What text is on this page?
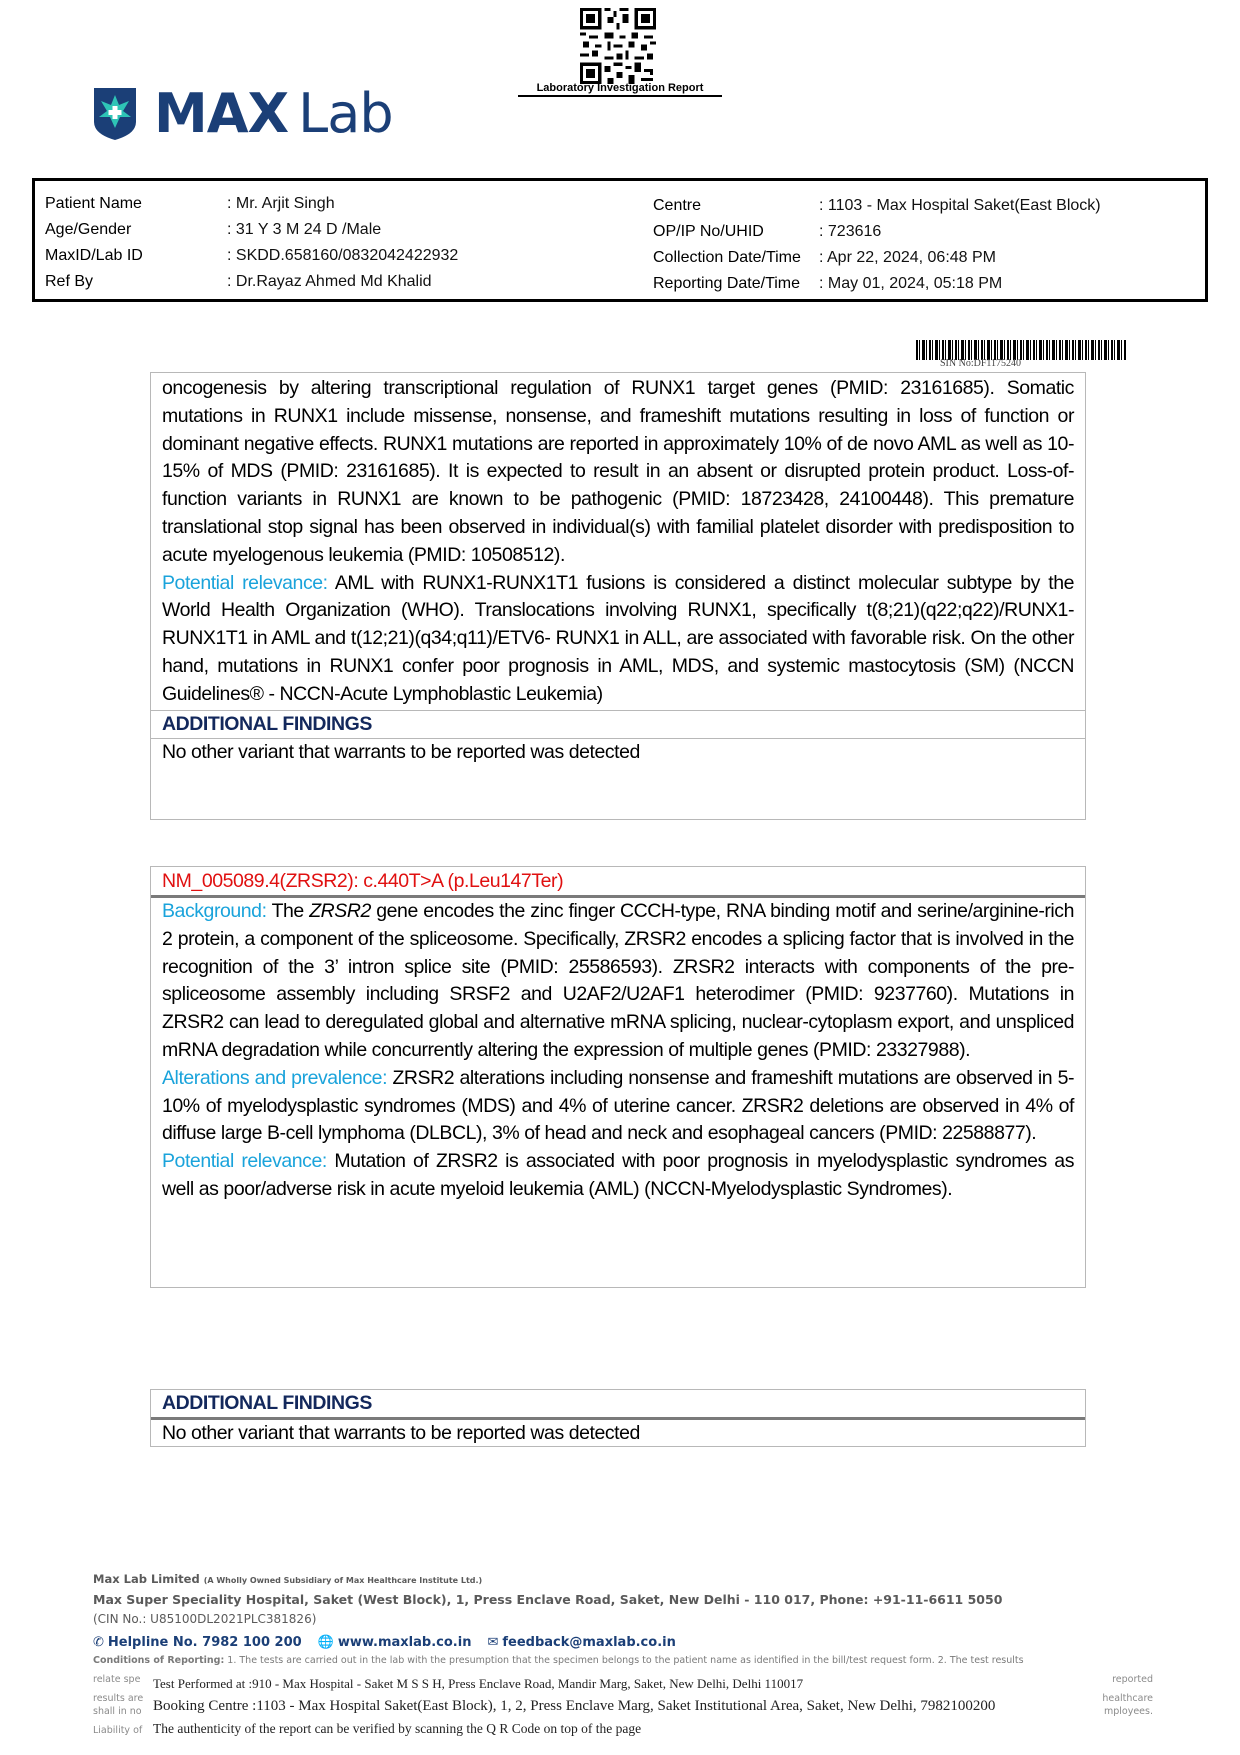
MAX Lab	Laboratory Investigation Report
Patient Name	: Mr. Arjit Singh
Age/Gender	: 31 Y 3 M 24 D /Male
MaxID/Lab ID	: SKDD.658160/0832042422932
Ref By	: Dr.Rayaz Ahmed Md Khalid
Centre	: 1103 - Max Hospital Saket(East Block)
OP/IP No/UHID	: 723616
Collection Date/Time	: Apr 22, 2024, 06:48 PM
Reporting Date/Time	: May 01, 2024, 05:18 PM
SIN No:DF1175240
oncogenesis by altering transcriptional regulation of RUNX1 target genes (PMID: 23161685). Somatic mutations in RUNX1 include missense, nonsense, and frameshift mutations resulting in loss of function or dominant negative effects. RUNX1 mutations are reported in approximately 10% of de novo AML as well as 10-15% of MDS (PMID: 23161685). It is expected to result in an absent or disrupted protein product. Loss-of-function variants in RUNX1 are known to be pathogenic (PMID: 18723428, 24100448). This premature translational stop signal has been observed in individual(s) with familial platelet disorder with predisposition to acute myelogenous leukemia (PMID: 10508512).
Potential relevance: AML with RUNX1-RUNX1T1 fusions is considered a distinct molecular subtype by the World Health Organization (WHO). Translocations involving RUNX1, specifically t(8;21)(q22;q22)/RUNX1-RUNX1T1 in AML and t(12;21)(q34;q11)/ETV6- RUNX1 in ALL, are associated with favorable risk. On the other hand, mutations in RUNX1 confer poor prognosis in AML, MDS, and systemic mastocytosis (SM) (NCCN Guidelines® - NCCN-Acute Lymphoblastic Leukemia)
ADDITIONAL FINDINGS
No other variant that warrants to be reported was detected
NM_005089.4(ZRSR2): c.440T>A (p.Leu147Ter)
Background: The ZRSR2 gene encodes the zinc finger CCCH-type, RNA binding motif and serine/arginine-rich 2 protein, a component of the spliceosome. Specifically, ZRSR2 encodes a splicing factor that is involved in the recognition of the 3’ intron splice site (PMID: 25586593). ZRSR2 interacts with components of the pre-spliceosome assembly including SRSF2 and U2AF2/U2AF1 heterodimer (PMID: 9237760). Mutations in ZRSR2 can lead to deregulated global and alternative mRNA splicing, nuclear-cytoplasm export, and unspliced mRNA degradation while concurrently altering the expression of multiple genes (PMID: 23327988).
Alterations and prevalence: ZRSR2 alterations including nonsense and frameshift mutations are observed in 5-10% of myelodysplastic syndromes (MDS) and 4% of uterine cancer. ZRSR2 deletions are observed in 4% of diffuse large B-cell lymphoma (DLBCL), 3% of head and neck and esophageal cancers (PMID: 22588877).
Potential relevance: Mutation of ZRSR2 is associated with poor prognosis in myelodysplastic syndromes as well as poor/adverse risk in acute myeloid leukemia (AML) (NCCN-Myelodysplastic Syndromes).
ADDITIONAL FINDINGS
No other variant that warrants to be reported was detected
Max Lab Limited (A Wholly Owned Subsidiary of Max Healthcare Institute Ltd.)
Max Super Speciality Hospital, Saket (West Block), 1, Press Enclave Road, Saket, New Delhi - 110 017, Phone: +91-11-6611 5050
(CIN No.: U85100DL2021PLC381826)
✆ Helpline No. 7982 100 200 🌐 www.maxlab.co.in ✉ feedback@maxlab.co.in
Conditions of Reporting: 1. The tests are carried out in the lab with the presumption that the specimen belongs to the patient name as identified in the bill/test request form. 2. The test results
relate spe
results are
shall in no
Liability of
reported
healthcare
mployees.
Test Performed at :910 - Max Hospital - Saket M S S H, Press Enclave Road, Mandir Marg, Saket, New Delhi, Delhi 110017
Booking Centre :1103 - Max Hospital Saket(East Block), 1, 2, Press Enclave Marg, Saket Institutional Area, Saket, New Delhi, 7982100200
The authenticity of the report can be verified by scanning the Q R Code on top of the page
